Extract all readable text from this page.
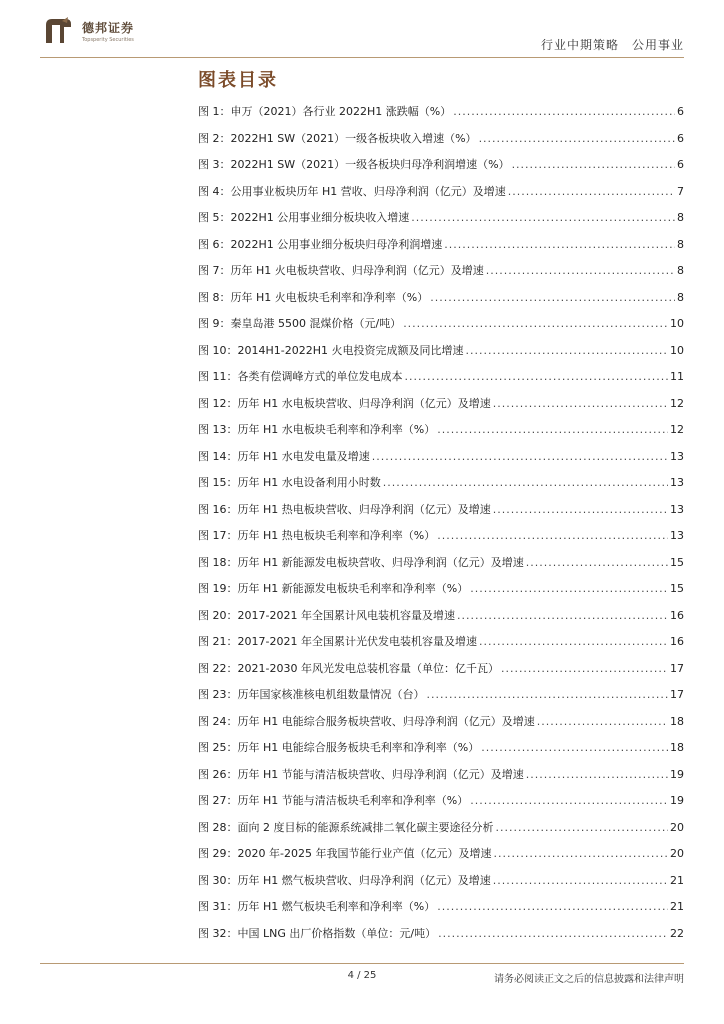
德邦证券
Topsperity Securities	行业中期策略　公用事业
图表目录
图 1：申万（2021）各行业 2022H1 涨跌幅（%） .....	6
图 2：2022H1 SW（2021）一级各板块收入增速（%） .....	6
图 3：2022H1 SW（2021）一级各板块归母净利润增速（%） .....	6
图 4：公用事业板块历年 H1 营收、归母净利润（亿元）及增速 .....	7
图 5：2022H1 公用事业细分板块收入增速 .....	8
图 6：2022H1 公用事业细分板块归母净利润增速 .....	8
图 7：历年 H1 火电板块营收、归母净利润（亿元）及增速 .....	8
图 8：历年 H1 火电板块毛利率和净利率（%） .....	8
图 9：秦皇岛港 5500 混煤价格（元/吨） .....	10
图 10：2014H1-2022H1 火电投资完成额及同比增速 .....	10
图 11：各类有偿调峰方式的单位发电成本 .....	11
图 12：历年 H1 水电板块营收、归母净利润（亿元）及增速 .....	12
图 13：历年 H1 水电板块毛利率和净利率（%） .....	12
图 14：历年 H1 水电发电量及增速 .....	13
图 15：历年 H1 水电设备利用小时数 .....	13
图 16：历年 H1 热电板块营收、归母净利润（亿元）及增速 .....	13
图 17：历年 H1 热电板块毛利率和净利率（%） .....	13
图 18：历年 H1 新能源发电板块营收、归母净利润（亿元）及增速 .....	15
图 19：历年 H1 新能源发电板块毛利率和净利率（%） .....	15
图 20：2017-2021 年全国累计风电装机容量及增速 .....	16
图 21：2017-2021 年全国累计光伏发电装机容量及增速 .....	16
图 22：2021-2030 年风光发电总装机容量（单位：亿千瓦） .....	17
图 23：历年国家核准核电机组数量情况（台） .....	17
图 24：历年 H1 电能综合服务板块营收、归母净利润（亿元）及增速 .....	18
图 25：历年 H1 电能综合服务板块毛利率和净利率（%） .....	18
图 26：历年 H1 节能与清洁板块营收、归母净利润（亿元）及增速 .....	19
图 27：历年 H1 节能与清洁板块毛利率和净利率（%） .....	19
图 28：面向 2 度目标的能源系统减排二氧化碳主要途径分析 .....	20
图 29：2020 年-2025 年我国节能行业产值（亿元）及增速 .....	20
图 30：历年 H1 燃气板块营收、归母净利润（亿元）及增速 .....	21
图 31：历年 H1 燃气板块毛利率和净利率（%） .....	21
图 32：中国 LNG 出厂价格指数（单位：元/吨） .....	22
4 / 25	请务必阅读正文之后的信息披露和法律声明
